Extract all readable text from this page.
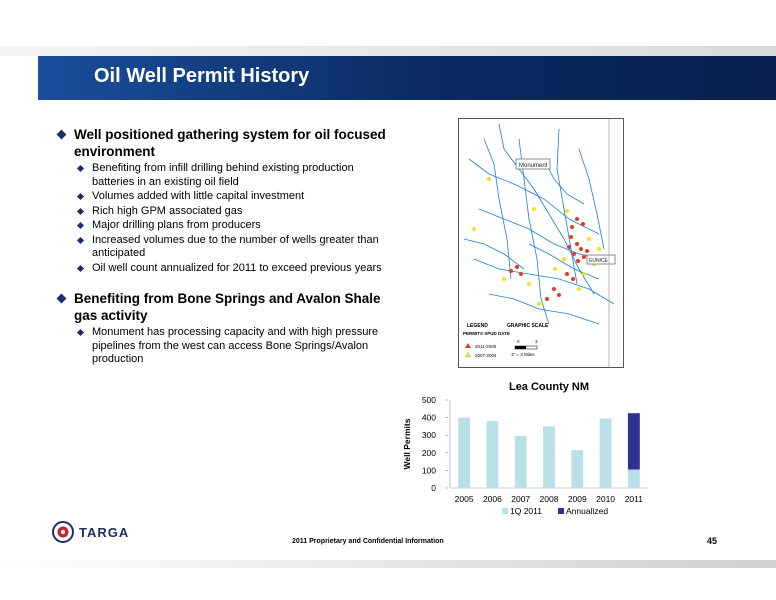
Oil Well Permit History
Well positioned gathering system for oil focused environment
Benefiting from infill drilling behind existing production batteries in an existing oil field
Volumes added with little capital investment
Rich high GPM associated gas
Major drilling plans from producers
Increased volumes due to the number of wells greater than anticipated
Oil well count annualized for 2011 to exceed previous years
Benefiting from Bone Springs and Avalon Shale gas activity
Monument has processing capacity and with high pressure pipelines from the west can access Bone Springs/Avalon production
Monument
EUNICE
LEGEND
PERMITS SPUD DATE
2011-2008
2007-2004
GRAPHIC SCALE
0	3
1" = 3 Miles
Lea County NM
Well Permits
0
100
200
300
400
500
2005 2006 2007 2008 2009 2010 2011
1Q 2011	Annualized
TARGA
2011 Proprietary and Confidential Information	45
